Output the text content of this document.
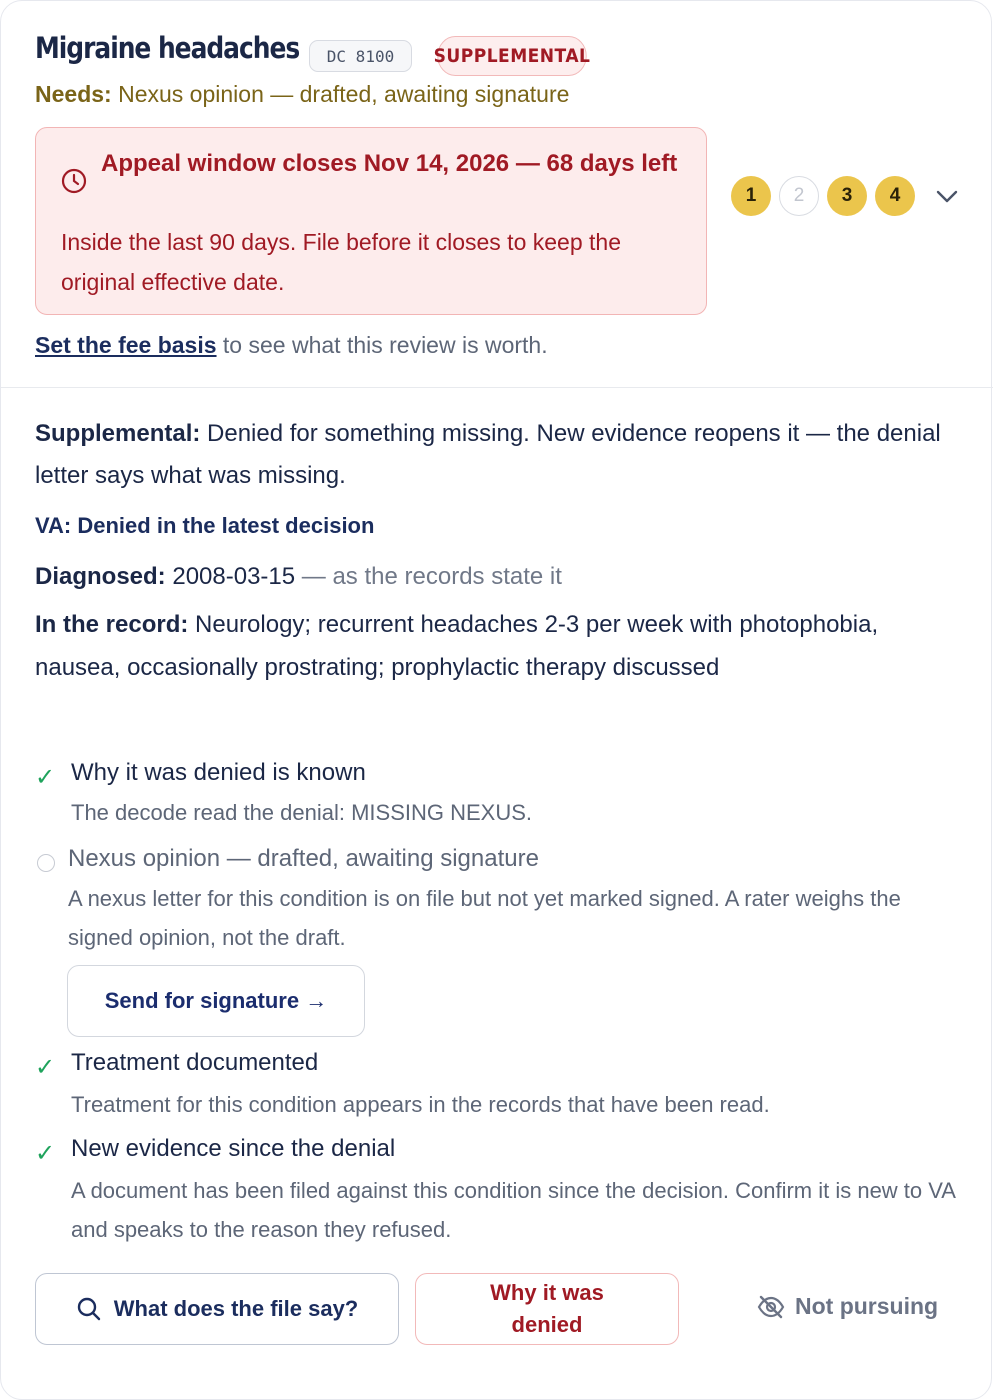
Migraine headaches	DC 8100	SUPPLEMENTAL
Needs: Nexus opinion — drafted, awaiting signature
Appeal window closes Nov 14, 2026 — 68 days left
Inside the last 90 days. File before it closes to keep the original effective date.
1	2	3	4
Set the fee basis to see what this review is worth.
Supplemental: Denied for something missing. New evidence reopens it — the denial letter says what was missing.
VA: Denied in the latest decision
Diagnosed: 2008-03-15 — as the records state it
In the record: Neurology; recurrent headaches 2-3 per week with photophobia, nausea, occasionally prostrating; prophylactic therapy discussed
✓ Why it was denied is known
The decode read the denial: MISSING NEXUS.
Nexus opinion — drafted, awaiting signature
A nexus letter for this condition is on file but not yet marked signed. A rater weighs the signed opinion, not the draft.
Send for signature →
✓ Treatment documented
Treatment for this condition appears in the records that have been read.
✓ New evidence since the denial
A document has been filed against this condition since the decision. Confirm it is new to VA and speaks to the reason they refused.
What does the file say?
Why it was denied
Not pursuing
